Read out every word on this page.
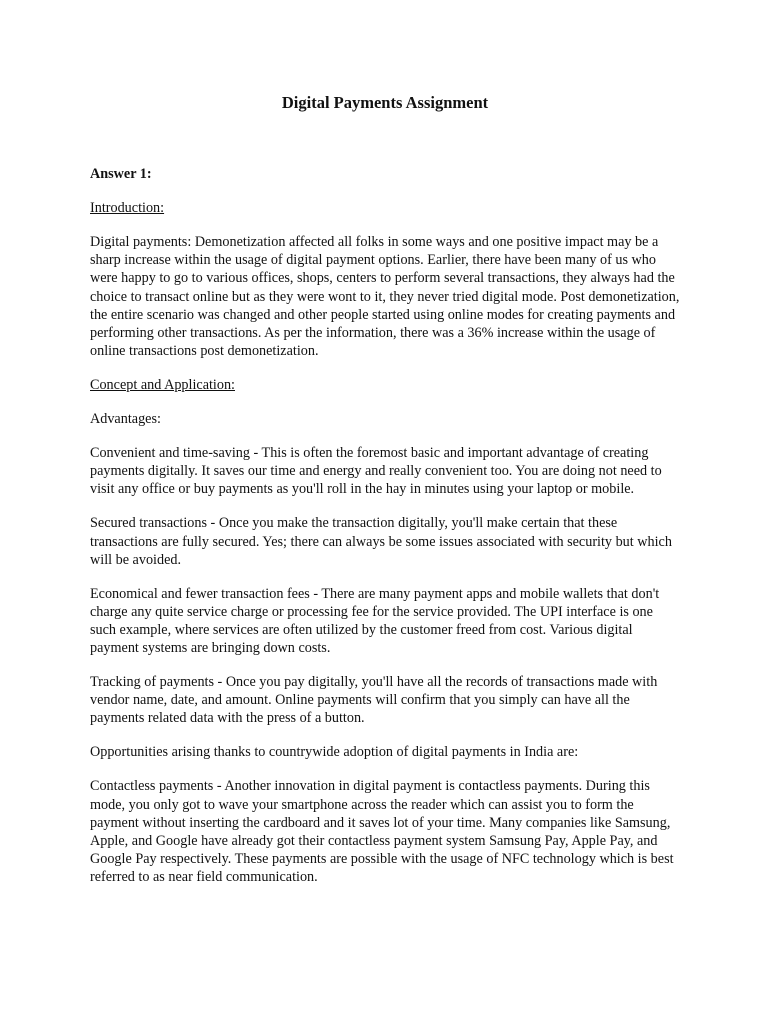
Digital Payments Assignment
Answer 1:
Introduction:

Digital payments: Demonetization affected all folks in some ways and one positive impact may be a sharp increase within the usage of digital payment options. Earlier, there have been many of us who were happy to go to various offices, shops, centers to perform several transactions, they always had the choice to transact online but as they were wont to it, they never tried digital mode. Post demonetization, the entire scenario was changed and other people started using online modes for creating payments and performing other transactions. As per the information, there was a 36% increase within the usage of online transactions post demonetization.

Concept and Application:

Advantages:

Convenient and time-saving - This is often the foremost basic and important advantage of creating payments digitally. It saves our time and energy and really convenient too. You are doing not need to visit any office or buy payments as you'll roll in the hay in minutes using your laptop or mobile.

Secured transactions - Once you make the transaction digitally, you'll make certain that these transactions are fully secured. Yes; there can always be some issues associated with security but which will be avoided.

Economical and fewer transaction fees - There are many payment apps and mobile wallets that don't charge any quite service charge or processing fee for the service provided. The UPI interface is one such example, where services are often utilized by the customer freed from cost. Various digital payment systems are bringing down costs.

Tracking of payments - Once you pay digitally, you'll have all the records of transactions made with vendor name, date, and amount. Online payments will confirm that you simply can have all the payments related data with the press of a button.

Opportunities arising thanks to countrywide adoption of digital payments in India are:

Contactless payments - Another innovation in digital payment is contactless payments. During this mode, you only got to wave your smartphone across the reader which can assist you to form the payment without inserting the cardboard and it saves lot of your time. Many companies like Samsung, Apple, and Google have already got their contactless payment system Samsung Pay, Apple Pay, and Google Pay respectively. These payments are possible with the usage of NFC technology which is best referred to as near field communication.
